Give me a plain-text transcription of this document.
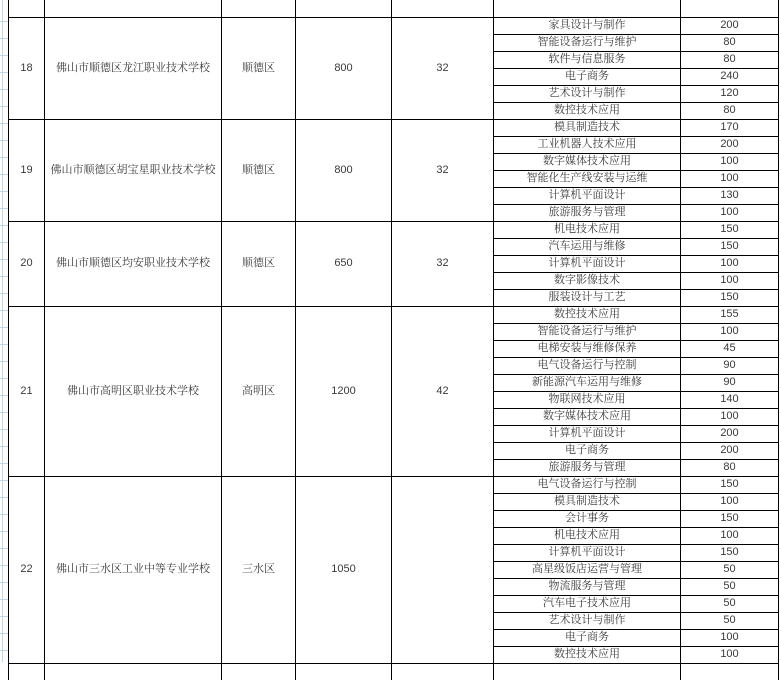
18	佛山市顺德区龙江职业技术学校	顺德区	800	32	家具设计与制作	200
					智能设备运行与维护	80
					软件与信息服务	80
					电子商务	240
					艺术设计与制作	120
					数控技术应用	80
19	佛山市顺德区胡宝星职业技术学校	顺德区	800	32	模具制造技术	170
					工业机器人技术应用	200
					数字媒体技术应用	100
					智能化生产线安装与运维	100
					计算机平面设计	130
					旅游服务与管理	100
20	佛山市顺德区均安职业技术学校	顺德区	650	32	机电技术应用	150
					汽车运用与维修	150
					计算机平面设计	100
					数字影像技术	100
					服装设计与工艺	150
21	佛山市高明区职业技术学校	高明区	1200	42	数控技术应用	155
					智能设备运行与维护	100
					电梯安装与维修保养	45
					电气设备运行与控制	90
					新能源汽车运用与维修	90
					物联网技术应用	140
					数字媒体技术应用	100
					计算机平面设计	200
					电子商务	200
					旅游服务与管理	80
22	佛山市三水区工业中等专业学校	三水区	1050		电气设备运行与控制	150
					模具制造技术	100
					会计事务	150
					机电技术应用	100
					计算机平面设计	150
					高星级饭店运营与管理	50
					物流服务与管理	50
					汽车电子技术应用	50
					艺术设计与制作	50
					电子商务	100
					数控技术应用	100
